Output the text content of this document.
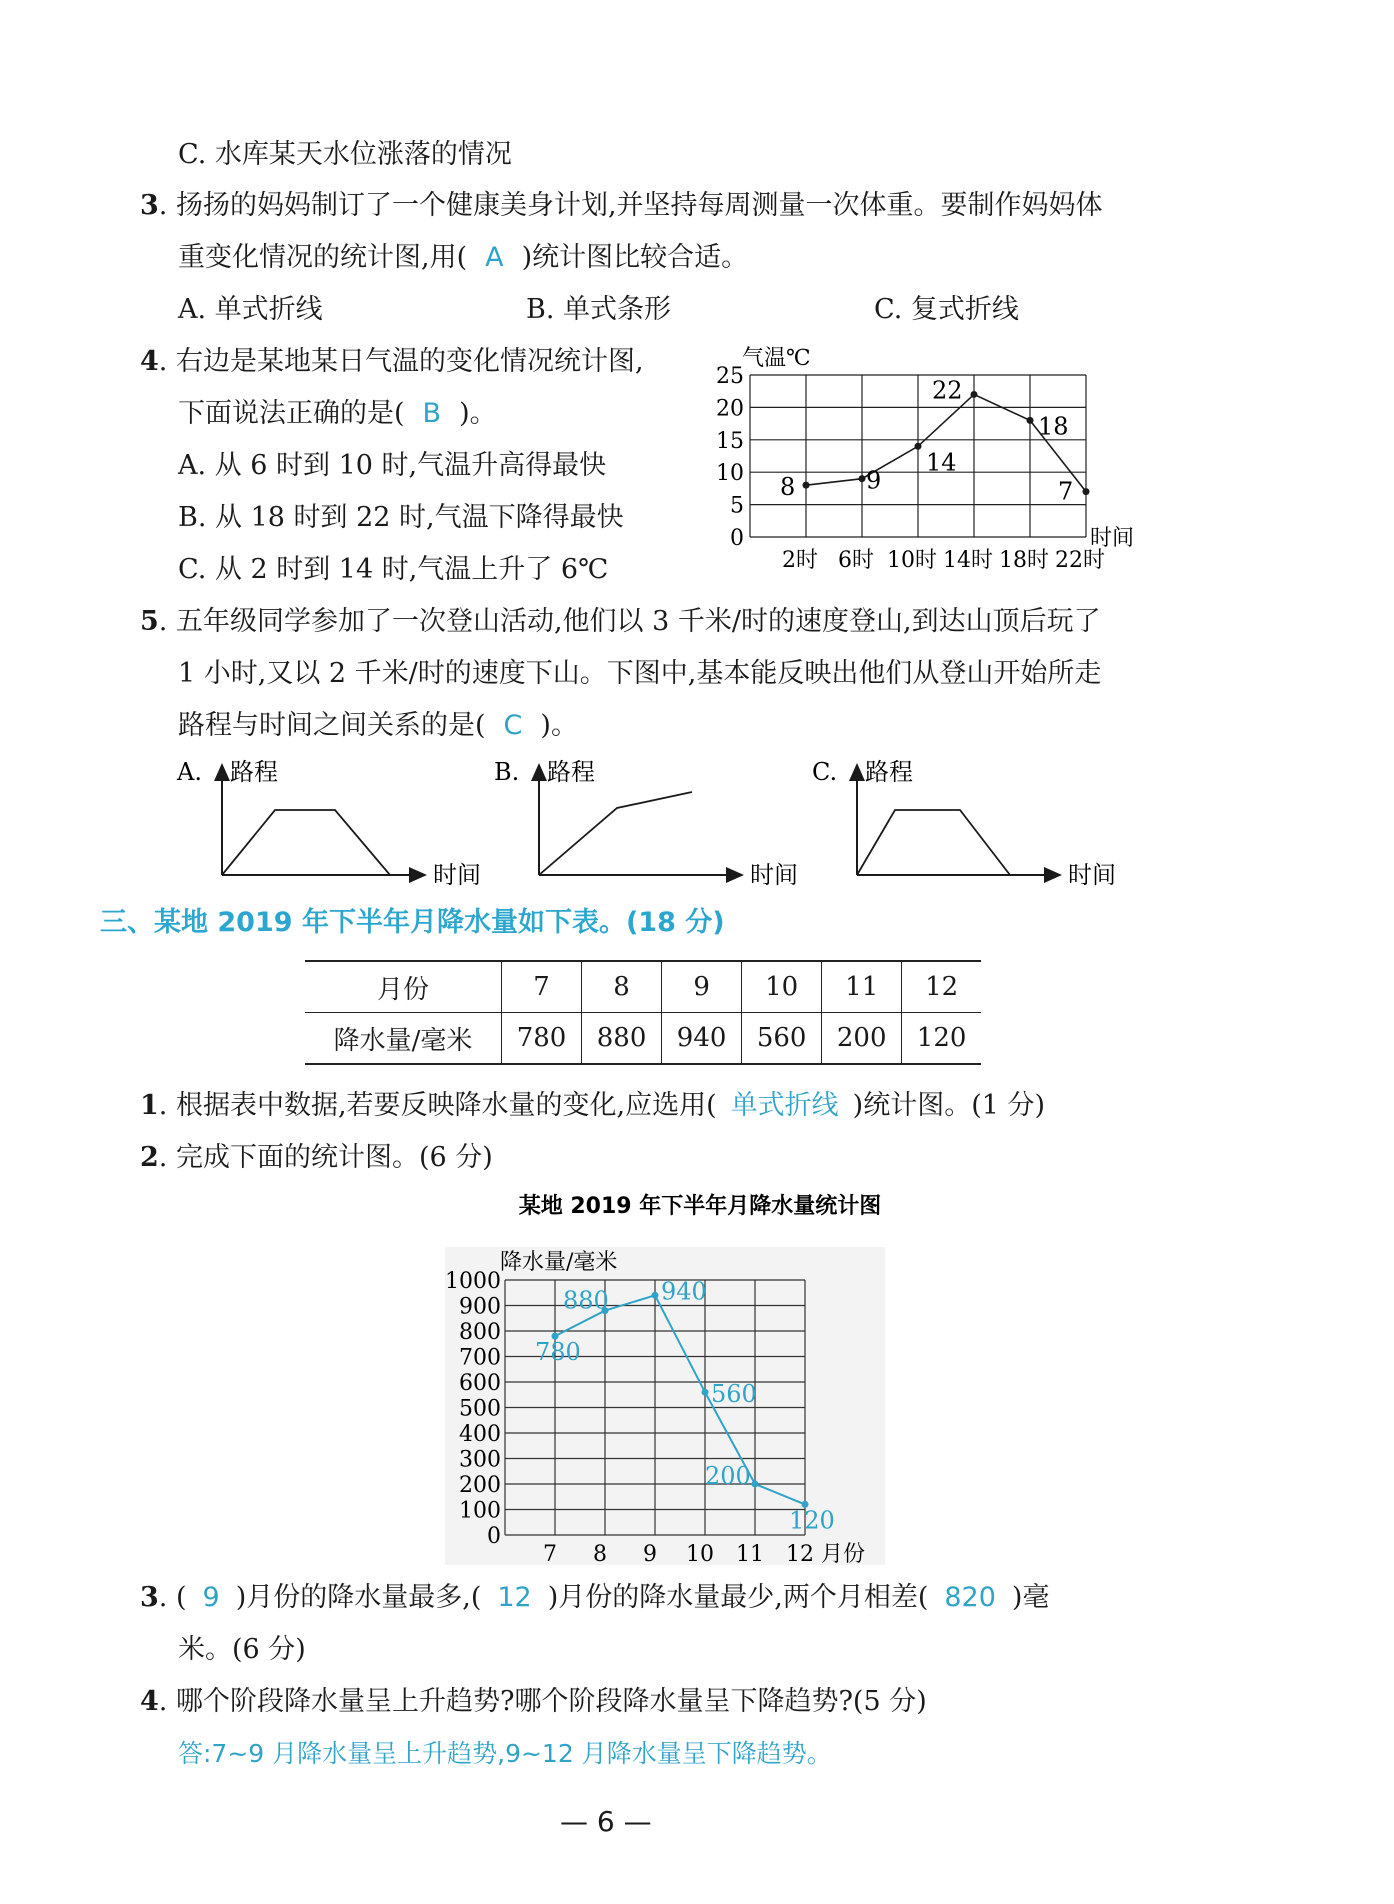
C. 水库某天水位涨落的情况
3. 扬扬的妈妈制订了一个健康美身计划,并坚持每周测量一次体重。要制作妈妈体
重变化情况的统计图,用( A )统计图比较合适。
A. 单式折线	B. 单式条形	C. 复式折线
4. 右边是某地某日气温的变化情况统计图,
下面说法正确的是( B )。
A. 从 6 时到 10 时,气温升高得最快
B. 从 18 时到 22 时,气温下降得最快
C. 从 2 时到 14 时,气温上升了 6℃
0
5
10
15
20
25
气温℃
时间
2时 6时 10时 14时 18时 22时
8	9
14
22
18
7
5. 五年级同学参加了一次登山活动,他们以 3 千米/时的速度登山,到达山顶后玩了
1 小时,又以 2 千米/时的速度下山。下图中,基本能反映出他们从登山开始所走
路程与时间之间关系的是( C )。
A. 路程
时间
B. 路程
时间
C. 路程
时间
三、某地 2019 年下半年月降水量如下表。(18 分)
月份	7	8	9	10	11	12
降水量/毫米	780	880	940	560	200	120
1. 根据表中数据,若要反映降水量的变化,应选用( 单式折线 )统计图。(1 分)
2. 完成下面的统计图。(6 分)
某地 2019 年下半年月降水量统计图
0
100
200
300
400
500
600
700
800
900
1000
降水量/毫米
7 8 9 10 11 12 月份
780
880 940
560
200
120
3. ( 9 )月份的降水量最多,( 12 )月份的降水量最少,两个月相差( 820 )毫
米。(6 分)
4. 哪个阶段降水量呈上升趋势?哪个阶段降水量呈下降趋势?(5 分)
答:7~9 月降水量呈上升趋势,9~12 月降水量呈下降趋势。
— 6 —
